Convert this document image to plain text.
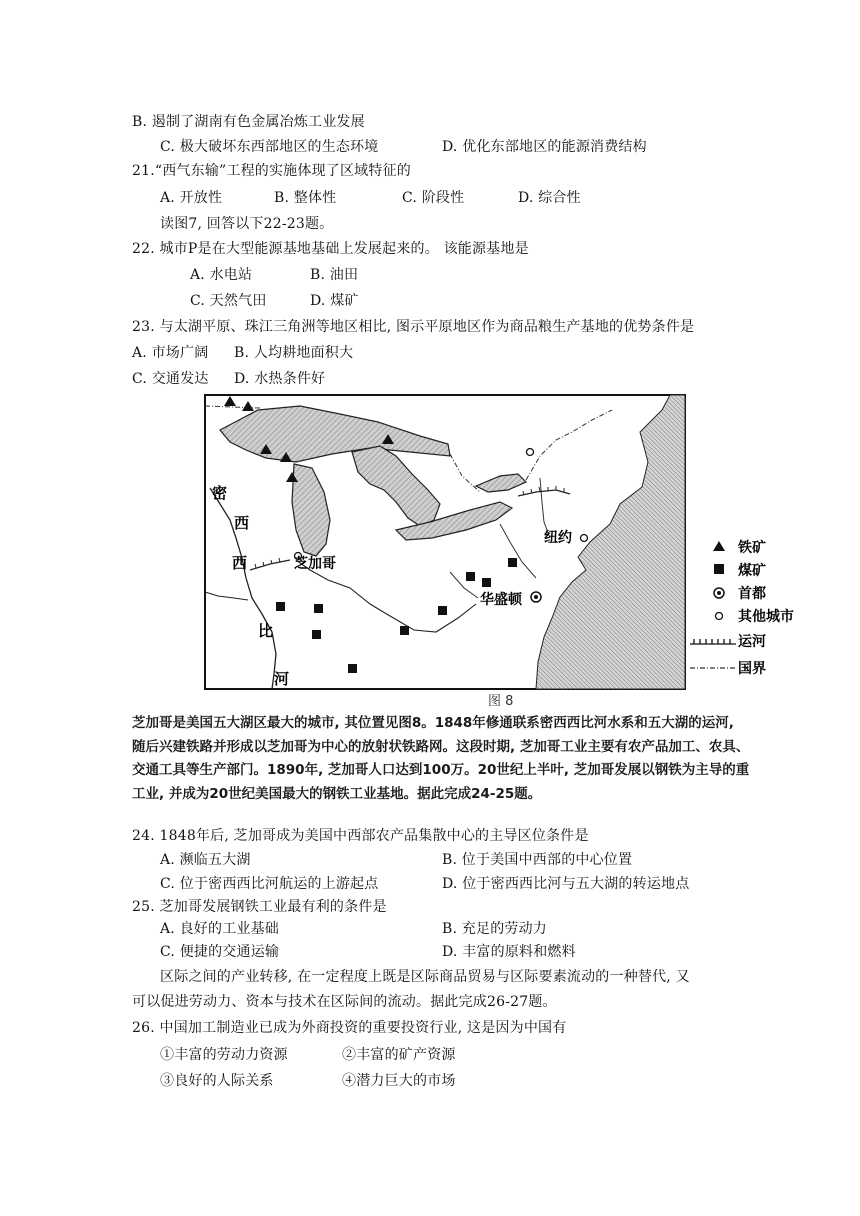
B. 遏制了湖南有色金属冶炼工业发展
C. 极大破坏东西部地区的生态环境	D. 优化东部地区的能源消费结构
21.“西气东输”工程的实施体现了区域特征的
A. 开放性	B. 整体性	C. 阶段性	D. 综合性
读图7, 回答以下22-23题。
22. 城市P是在大型能源基地基础上发展起来的。 该能源基地是
A. 水电站	B. 油田
C. 天然气田	D. 煤矿
23. 与太湖平原、珠江三角洲等地区相比, 图示平原地区作为商品粮生产基地的优势条件是
A. 市场广阔 B. 人均耕地面积大
C. 交通发达 D. 水热条件好
密
西
西
比
河
芝加哥
纽约
华盛顿
铁矿
煤矿
首都
其他城市
运河
国界
图 8
芝加哥是美国五大湖区最大的城市, 其位置见图8。1848年修通联系密西西比河水系和五大湖的运河, 随后兴建铁路并形成以芝加哥为中心的放射状铁路网。这段时期, 芝加哥工业主要有农产品加工、农具、交通工具等生产部门。1890年, 芝加哥人口达到100万。20世纪上半叶, 芝加哥发展以钢铁为主导的重工业, 并成为20世纪美国最大的钢铁工业基地。据此完成24-25题。
24. 1848年后, 芝加哥成为美国中西部农产品集散中心的主导区位条件是
A. 濒临五大湖	B. 位于美国中西部的中心位置
C. 位于密西西比河航运的上游起点	D. 位于密西西比河与五大湖的转运地点
25. 芝加哥发展钢铁工业最有利的条件是
A. 良好的工业基础	B. 充足的劳动力
C. 便捷的交通运输	D. 丰富的原料和燃料
区际之间的产业转移, 在一定程度上既是区际商品贸易与区际要素流动的一种替代, 又
可以促进劳动力、资本与技术在区际间的流动。据此完成26-27题。
26. 中国加工制造业已成为外商投资的重要投资行业, 这是因为中国有
①丰富的劳动力资源	②丰富的矿产资源
③良好的人际关系	④潜力巨大的市场
